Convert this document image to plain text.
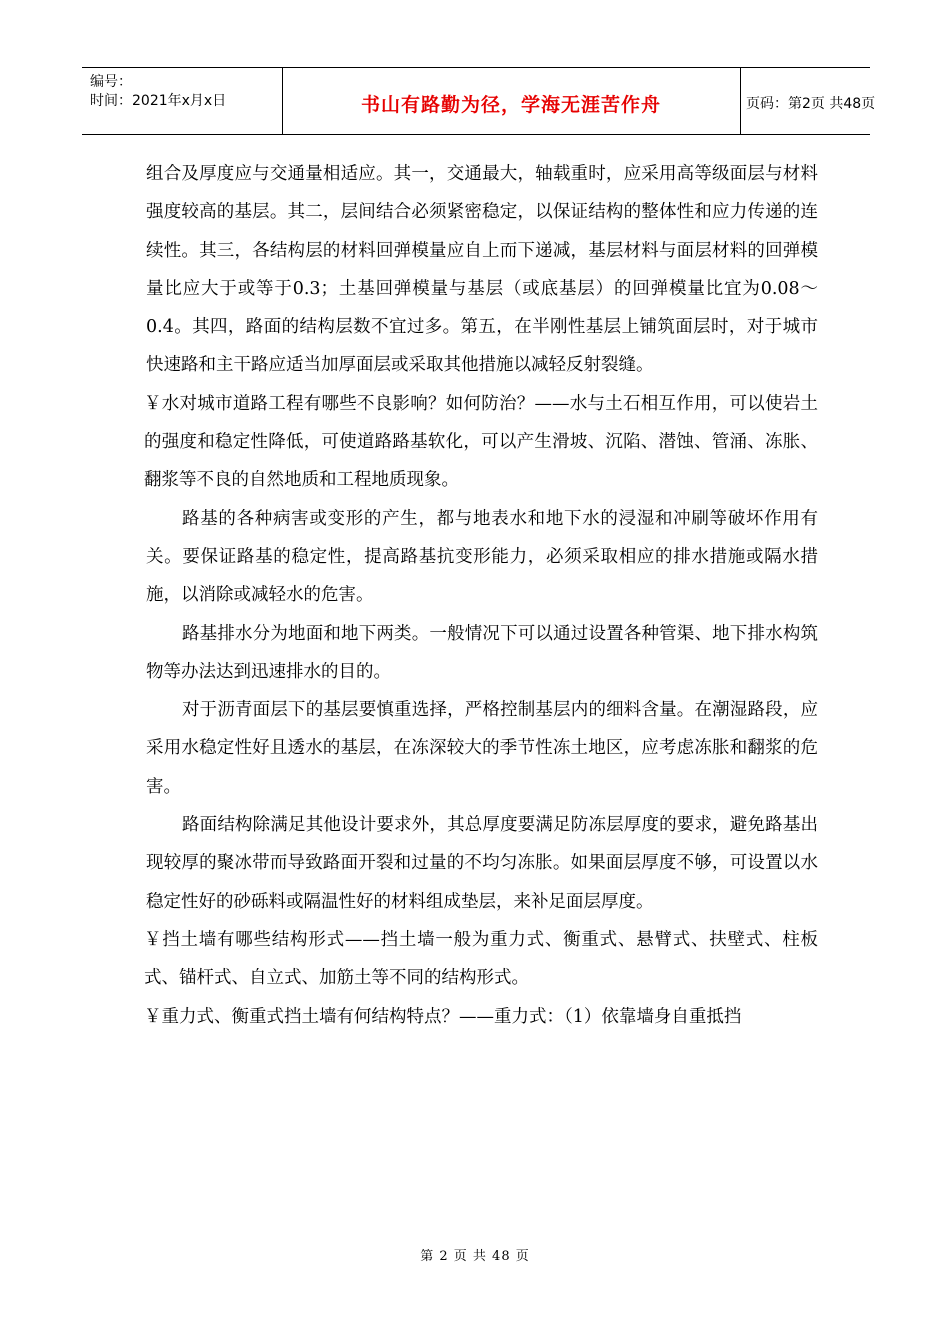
编号：
时间：2021年x月x日	书山有路勤为径，学海无涯苦作舟	页码：第2页 共48页

组合及厚度应与交通量相适应。其一，交通最大，轴载重时，应采用高等级面层与材料强度较高的基层。其二，层间结合必须紧密稳定，以保证结构的整体性和应力传递的连续性。其三，各结构层的材料回弹模量应自上而下递减，基层材料与面层材料的回弹模量比应大于或等于0.3；土基回弹模量与基层（或底基层）的回弹模量比宜为0.08～0.4。其四，路面的结构层数不宜过多。第五，在半刚性基层上铺筑面层时，对于城市快速路和主干路应适当加厚面层或采取其他措施以减轻反射裂缝。

￥水对城市道路工程有哪些不良影响？如何防治？——水与土石相互作用，可以使岩土的强度和稳定性降低，可使道路路基软化，可以产生滑坡、沉陷、潜蚀、管涌、冻胀、翻浆等不良的自然地质和工程地质现象。

路基的各种病害或变形的产生，都与地表水和地下水的浸湿和冲刷等破坏作用有关。要保证路基的稳定性，提高路基抗变形能力，必须采取相应的排水措施或隔水措施，以消除或减轻水的危害。

路基排水分为地面和地下两类。一般情况下可以通过设置各种管渠、地下排水构筑物等办法达到迅速排水的目的。

对于沥青面层下的基层要慎重选择，严格控制基层内的细料含量。在潮湿路段，应采用水稳定性好且透水的基层，在冻深较大的季节性冻土地区，应考虑冻胀和翻浆的危害。

路面结构除满足其他设计要求外，其总厚度要满足防冻层厚度的要求，避免路基出现较厚的聚冰带而导致路面开裂和过量的不均匀冻胀。如果面层厚度不够，可设置以水稳定性好的砂砾料或隔温性好的材料组成垫层，来补足面层厚度。

￥挡土墙有哪些结构形式——挡土墙一般为重力式、衡重式、悬臂式、扶壁式、柱板式、锚杆式、自立式、加筋土等不同的结构形式。

￥重力式、衡重式挡土墙有何结构特点？——重力式：（1）依靠墙身自重抵挡

第 2 页 共 48 页
